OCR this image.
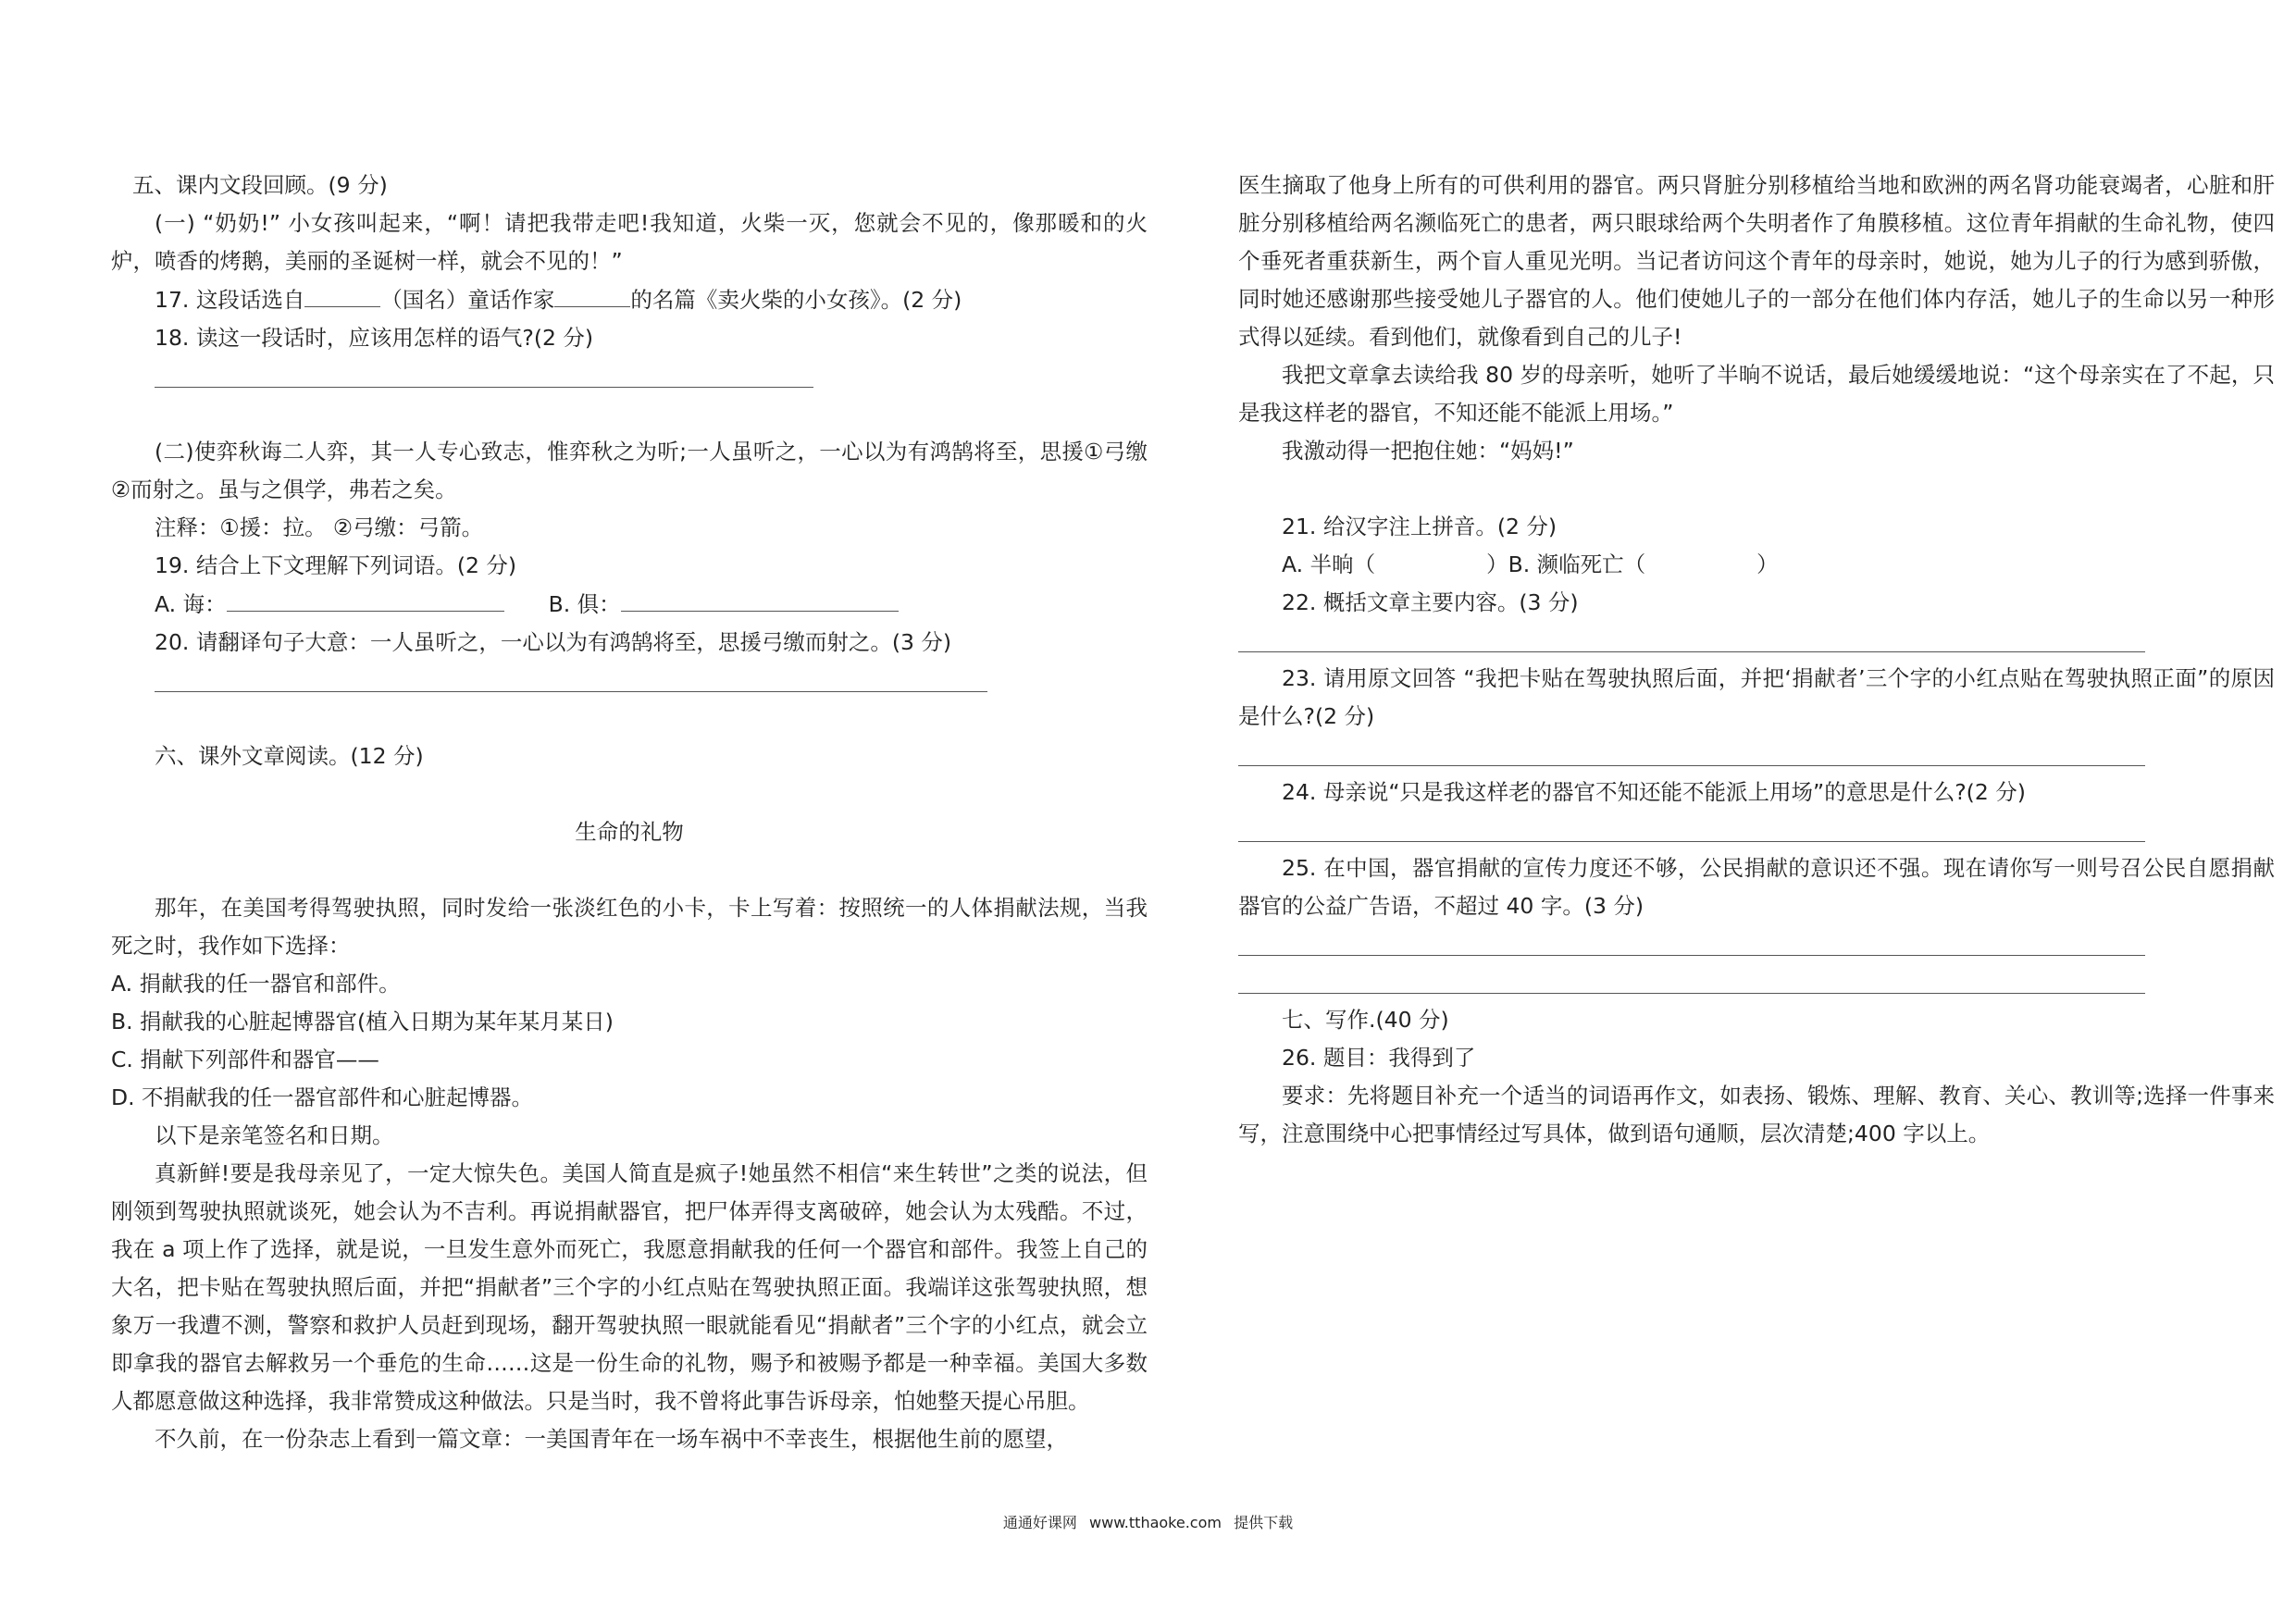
五、课内文段回顾。(9 分)

(一) “奶奶!” 小女孩叫起来，“啊！请把我带走吧!我知道，火柴一灭，您就会不见的，像那暖和的火炉，喷香的烤鹅，美丽的圣诞树一样，就会不见的！”

17. 这段话选自	（国名）童话作家	的名篇《卖火柴的小女孩》。(2 分)

18. 读这一段话时，应该用怎样的语气?(2 分)

(二)使弈秋诲二人弈，其一人专心致志，惟弈秋之为听;一人虽听之，一心以为有鸿鹄将至，思援①弓缴②而射之。虽与之俱学，弗若之矣。

注释：①援：拉。 ②弓缴：弓箭。

19. 结合上下文理解下列词语。(2 分)

A. 诲：	B. 俱：

20. 请翻译句子大意：一人虽听之，一心以为有鸿鹄将至，思援弓缴而射之。(3 分)

六、课外文章阅读。(12 分)

生命的礼物

那年，在美国考得驾驶执照，同时发给一张淡红色的小卡，卡上写着：按照统一的人体捐献法规，当我死之时，我作如下选择：

A. 捐献我的任一器官和部件。

B. 捐献我的心脏起博器官(植入日期为某年某月某日)

C. 捐献下列部件和器官——

D. 不捐献我的任一器官部件和心脏起博器。

以下是亲笔签名和日期。

真新鲜!要是我母亲见了，一定大惊失色。美国人简直是疯子!她虽然不相信“来生转世”之类的说法，但刚领到驾驶执照就谈死，她会认为不吉利。再说捐献器官，把尸体弄得支离破碎，她会认为太残酷。不过，我在 a 项上作了选择，就是说，一旦发生意外而死亡，我愿意捐献我的任何一个器官和部件。我签上自己的大名，把卡贴在驾驶执照后面，并把“捐献者”三个字的小红点贴在驾驶执照正面。我端详这张驾驶执照，想象万一我遭不测，警察和救护人员赶到现场，翻开驾驶执照一眼就能看见“捐献者”三个字的小红点，就会立即拿我的器官去解救另一个垂危的生命……这是一份生命的礼物，赐予和被赐予都是一种幸福。美国大多数人都愿意做这种选择，我非常赞成这种做法。只是当时，我不曾将此事告诉母亲，怕她整天提心吊胆。

不久前，在一份杂志上看到一篇文章：一美国青年在一场车祸中不幸丧生，根据他生前的愿望，

医生摘取了他身上所有的可供利用的器官。两只肾脏分别移植给当地和欧洲的两名肾功能衰竭者，心脏和肝脏分别移植给两名濒临死亡的患者，两只眼球给两个失明者作了角膜移植。这位青年捐献的生命礼物，使四个垂死者重获新生，两个盲人重见光明。当记者访问这个青年的母亲时，她说，她为儿子的行为感到骄傲，同时她还感谢那些接受她儿子器官的人。他们使她儿子的一部分在他们体内存活，她儿子的生命以另一种形式得以延续。看到他们，就像看到自己的儿子!

我把文章拿去读给我 80 岁的母亲听，她听了半晌不说话，最后她缓缓地说：“这个母亲实在了不起，只是我这样老的器官，不知还能不能派上用场。”

我激动得一把抱住她：“妈妈!”

21. 给汉字注上拼音。(2 分)

A. 半晌（	）B. 濒临死亡（	）

22. 概括文章主要内容。(3 分)

23. 请用原文回答 “我把卡贴在驾驶执照后面，并把‘捐献者’三个字的小红点贴在驾驶执照正面”的原因是什么?(2 分)

24. 母亲说“只是我这样老的器官不知还能不能派上用场”的意思是什么?(2 分)

25. 在中国，器官捐献的宣传力度还不够，公民捐献的意识还不强。现在请你写一则号召公民自愿捐献器官的公益广告语，不超过 40 字。(3 分)

七、写作.(40 分)

26. 题目：我得到了

要求：先将题目补充一个适当的词语再作文，如表扬、锻炼、理解、教育、关心、教训等;选择一件事来写，注意围绕中心把事情经过写具体，做到语句通顺，层次清楚;400 字以上。

通通好课网 www.tthaoke.com 提供下载
